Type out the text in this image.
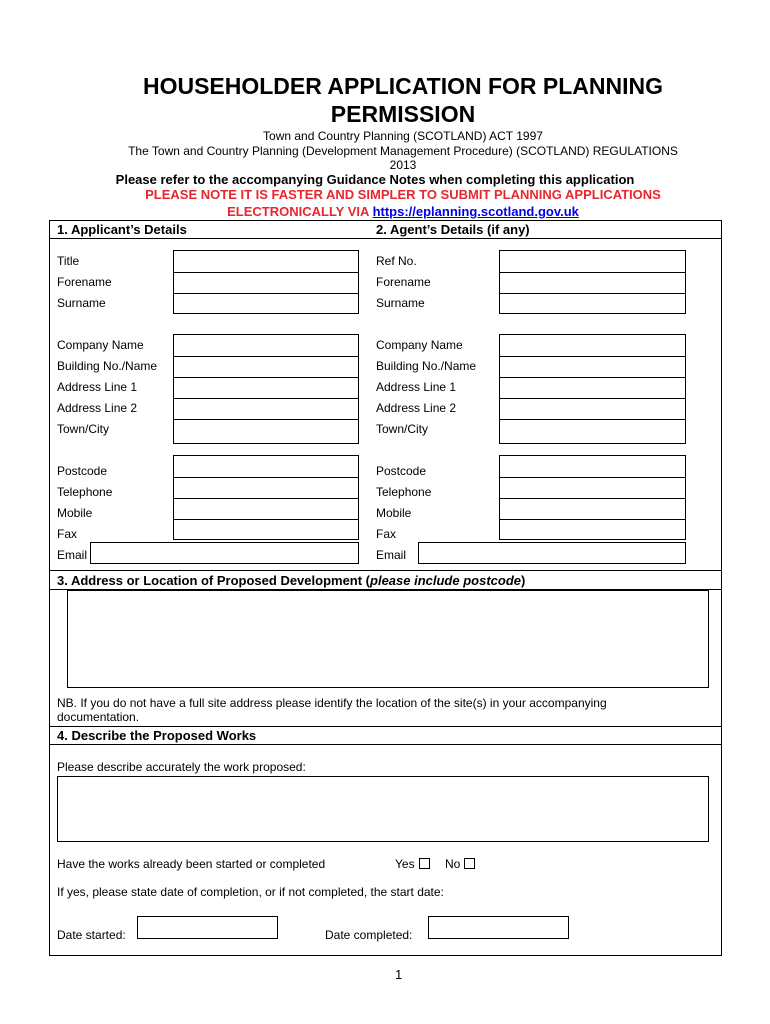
HOUSEHOLDER APPLICATION FOR PLANNING
PERMISSION
Town and Country Planning (SCOTLAND) ACT 1997
The Town and Country Planning (Development Management Procedure) (SCOTLAND) REGULATIONS
2013
Please refer to the accompanying Guidance Notes when completing this application
PLEASE NOTE IT IS FASTER AND SIMPLER TO SUBMIT PLANNING APPLICATIONS
ELECTRONICALLY VIA https://eplanning.scotland.gov.uk
1. Applicant’s Details	2. Agent’s Details (if any)
Title
Forename
Surname
Company Name
Building No./Name
Address Line 1
Address Line 2
Town/City
Postcode
Telephone
Mobile
Fax
Email
Ref No.
Forename
Surname
Company Name
Building No./Name
Address Line 1
Address Line 2
Town/City
Postcode
Telephone
Mobile
Fax
Email
3. Address or Location of Proposed Development (please include postcode)
NB. If you do not have a full site address please identify the location of the site(s) in your accompanying
documentation.
4. Describe the Proposed Works
Please describe accurately the work proposed:
Have the works already been started or completed	Yes	No
If yes, please state date of completion, or if not completed, the start date:
Date started:	Date completed:
1
